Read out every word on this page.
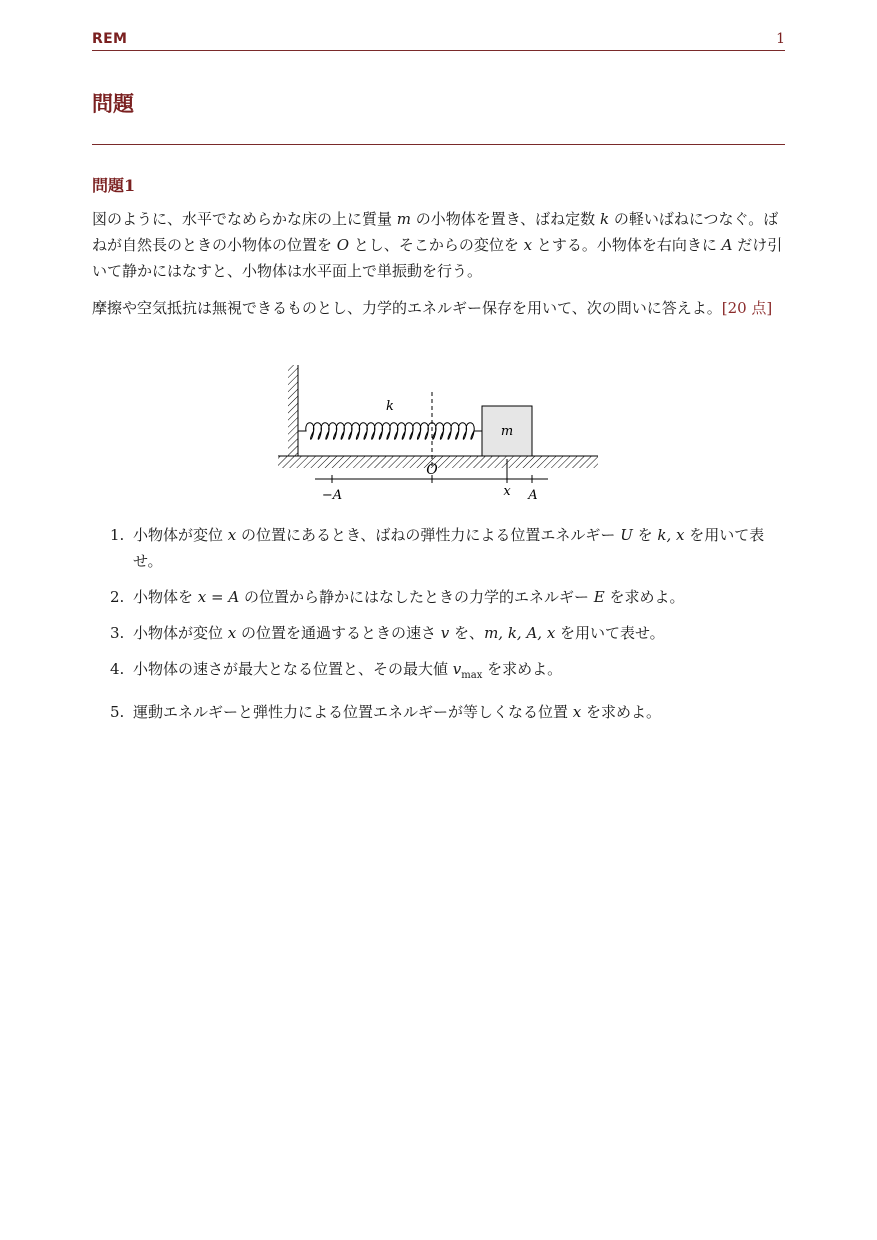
REM	1
問題
問題1

図のように、水平でなめらかな床の上に質量 m の小物体を置き、ばね定数 k の軽いばねにつなぐ。ばねが自然長のときの小物体の位置を O とし、そこからの変位を x とする。小物体を右向きに A だけ引いて静かにはなすと、小物体は水平面上で単振動を行う。

摩擦や空気抵抗は無視できるものとし、力学的エネルギー保存を用いて、次の問いに答えよ。[20 点]

k
m
O
−A	x A
1. 小物体が変位 x の位置にあるとき、ばねの弾性力による位置エネルギー U を k, x を用いて表せ。
2. 小物体を x = A の位置から静かにはなしたときの力学的エネルギー E を求めよ。
3. 小物体が変位 x の位置を通過するときの速さ v を、m, k, A, x を用いて表せ。
4. 小物体の速さが最大となる位置と、その最大値 $v_{max}$ を求めよ。
5. 運動エネルギーと弾性力による位置エネルギーが等しくなる位置 x を求めよ。
